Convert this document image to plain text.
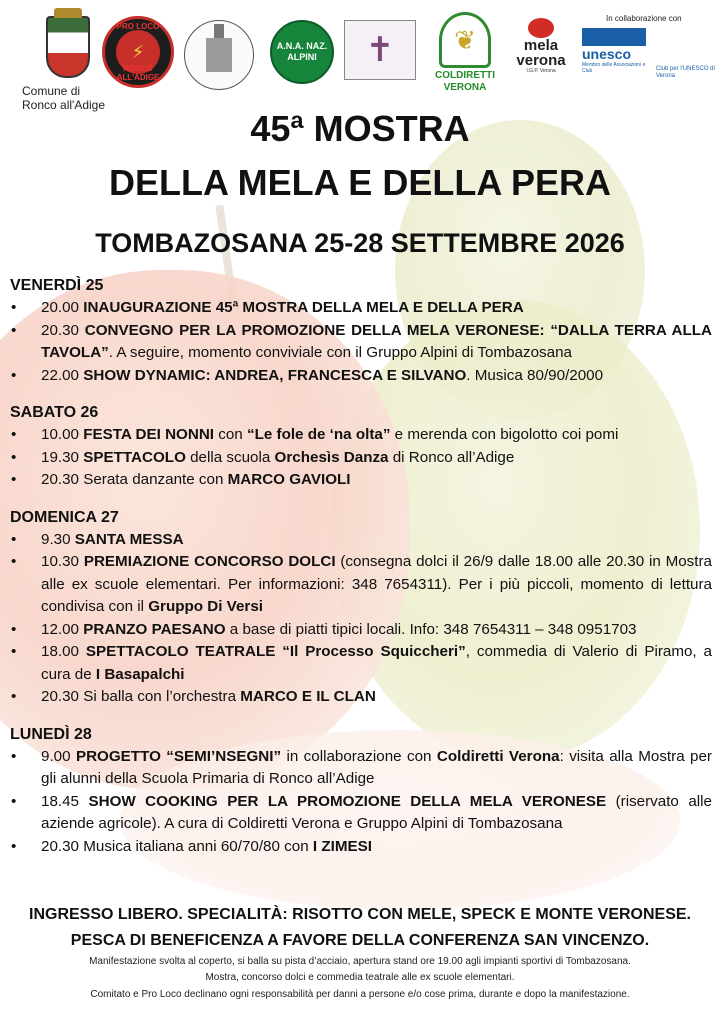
In collaborazione con
Comune di Ronco all'Adige
⚡
PRO LOCO
RONCO ALL'ADIGE
A.N.A. NAZ. ALPINI	✝	❦
COLDIRETTI VERONA
mela verona
I.G.P. Verona
unesco
Membro delle Associazioni e Club	Club per l'UNESCO di Verona
45ª MOSTRA
DELLA MELA E DELLA PERA
TOMBAZOSANA 25-28 SETTEMBRE 2026
VENERDÌ 25
• 20.00 INAUGURAZIONE 45ª MOSTRA DELLA MELA E DELLA PERA
• 20.30 CONVEGNO PER LA PROMOZIONE DELLA MELA VERONESE: “DALLA TERRA ALLA TAVOLA”. A seguire, momento conviviale con il Gruppo Alpini di Tombazosana
• 22.00 SHOW DYNAMIC: ANDREA, FRANCESCA E SILVANO. Musica 80/90/2000
SABATO 26
• 10.00 FESTA DEI NONNI con “Le fole de ‘na olta” e merenda con bigolotto coi pomi
• 19.30 SPETTACOLO della scuola Orchesìs Danza di Ronco all’Adige
• 20.30 Serata danzante con MARCO GAVIOLI
DOMENICA 27
• 9.30 SANTA MESSA
• 10.30 PREMIAZIONE CONCORSO DOLCI (consegna dolci il 26/9 dalle 18.00 alle 20.30 in Mostra alle ex scuole elementari. Per informazioni: 348 7654311). Per i più piccoli, momento di lettura condivisa con il Gruppo Di Versi
• 12.00 PRANZO PAESANO a base di piatti tipici locali. Info: 348 7654311 – 348 0951703
• 18.00 SPETTACOLO TEATRALE “Il Processo Squiccheri”, commedia di Valerio di Piramo, a cura de I Basapalchi
• 20.30 Si balla con l’orchestra MARCO E IL CLAN
LUNEDÌ 28
• 9.00 PROGETTO “SEMI’NSEGNI” in collaborazione con Coldiretti Verona: visita alla Mostra per gli alunni della Scuola Primaria di Ronco all’Adige
• 18.45 SHOW COOKING PER LA PROMOZIONE DELLA MELA VERONESE (riservato alle aziende agricole). A cura di Coldiretti Verona e Gruppo Alpini di Tombazosana
• 20.30 Musica italiana anni 60/70/80 con I ZIMESI
INGRESSO LIBERO. SPECIALITÀ: RISOTTO CON MELE, SPECK E MONTE VERONESE.
PESCA DI BENEFICENZA A FAVORE DELLA CONFERENZA SAN VINCENZO.
Manifestazione svolta al coperto, si balla su pista d’acciaio, apertura stand ore 19.00 agli impianti sportivi di Tombazosana.
Mostra, concorso dolci e commedia teatrale alle ex scuole elementari.
Comitato e Pro Loco declinano ogni responsabilità per danni a persone e/o cose prima, durante e dopo la manifestazione.
